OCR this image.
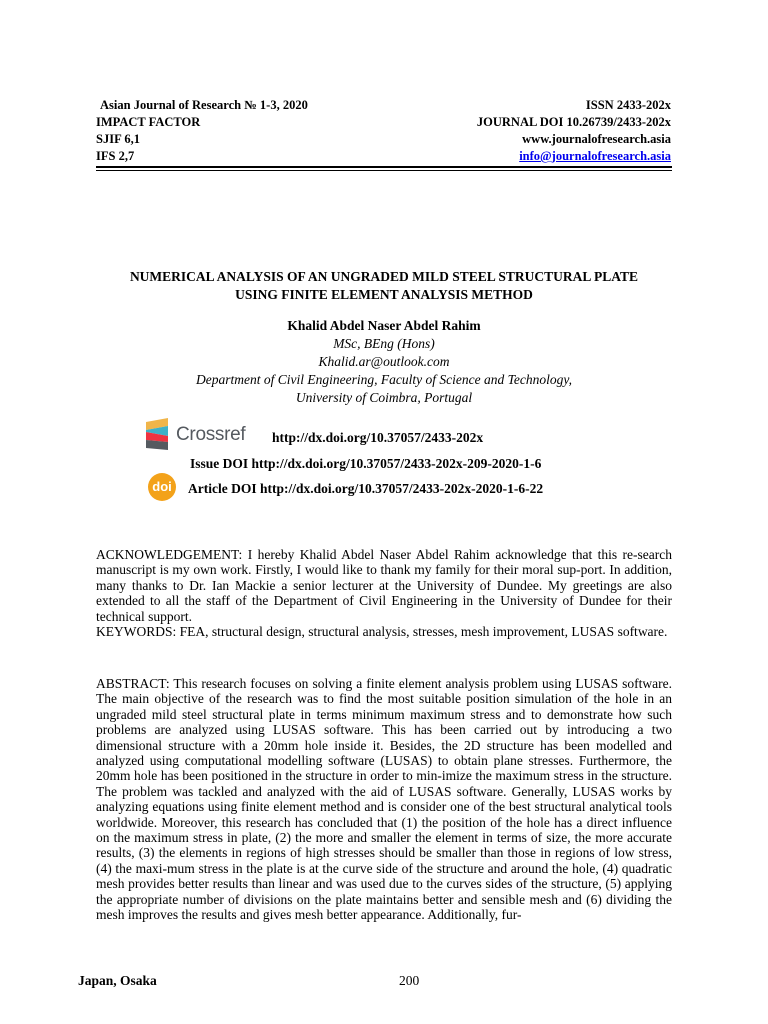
Asian Journal of Research № 1-3, 2020
IMPACT FACTOR
SJIF 6,1
IFS 2,7
ISSN 2433-202x
JOURNAL DOI 10.26739/2433-202x
www.journalofresearch.asia
info@journalofresearch.asia
NUMERICAL ANALYSIS OF AN UNGRADED MILD STEEL STRUCTURAL PLATE
USING FINITE ELEMENT ANALYSIS METHOD
Khalid Abdel Naser Abdel Rahim
MSc, BEng (Hons)
Khalid.ar@outlook.com
Department of Civil Engineering, Faculty of Science and Technology,
University of Coimbra, Portugal
Crossref http://dx.doi.org/10.37057/2433-202x
Issue DOI http://dx.doi.org/10.37057/2433-202x-209-2020-1-6
doi	Article DOI http://dx.doi.org/10.37057/2433-202x-2020-1-6-22
ACKNOWLEDGEMENT: I hereby Khalid Abdel Naser Abdel Rahim acknowledge that this re-search manuscript is my own work. Firstly, I would like to thank my family for their moral sup-port. In addition, many thanks to Dr. Ian Mackie a senior lecturer at the University of Dundee. My greetings are also extended to all the staff of the Department of Civil Engineering in the University of Dundee for their technical support.
KEYWORDS: FEA, structural design, structural analysis, stresses, mesh improvement, LUSAS software.
ABSTRACT: This research focuses on solving a finite element analysis problem using LUSAS software. The main objective of the research was to find the most suitable position simulation of the hole in an ungraded mild steel structural plate in terms minimum maximum stress and to demonstrate how such problems are analyzed using LUSAS software. This has been carried out by introducing a two dimensional structure with a 20mm hole inside it. Besides, the 2D structure has been modelled and analyzed using computational modelling software (LUSAS) to obtain plane stresses. Furthermore, the 20mm hole has been positioned in the structure in order to min-imize the maximum stress in the structure. The problem was tackled and analyzed with the aid of LUSAS software. Generally, LUSAS works by analyzing equations using finite element method and is consider one of the best structural analytical tools worldwide. Moreover, this research has concluded that (1) the position of the hole has a direct influence on the maximum stress in plate, (2) the more and smaller the element in terms of size, the more accurate results, (3) the elements in regions of high stresses should be smaller than those in regions of low stress, (4) the maxi-mum stress in the plate is at the curve side of the structure and around the hole, (4) quadratic mesh provides better results than linear and was used due to the curves sides of the structure, (5) applying the appropriate number of divisions on the plate maintains better and sensible mesh and (6) dividing the mesh improves the results and gives mesh better appearance. Additionally, fur-
Japan, Osaka	200
